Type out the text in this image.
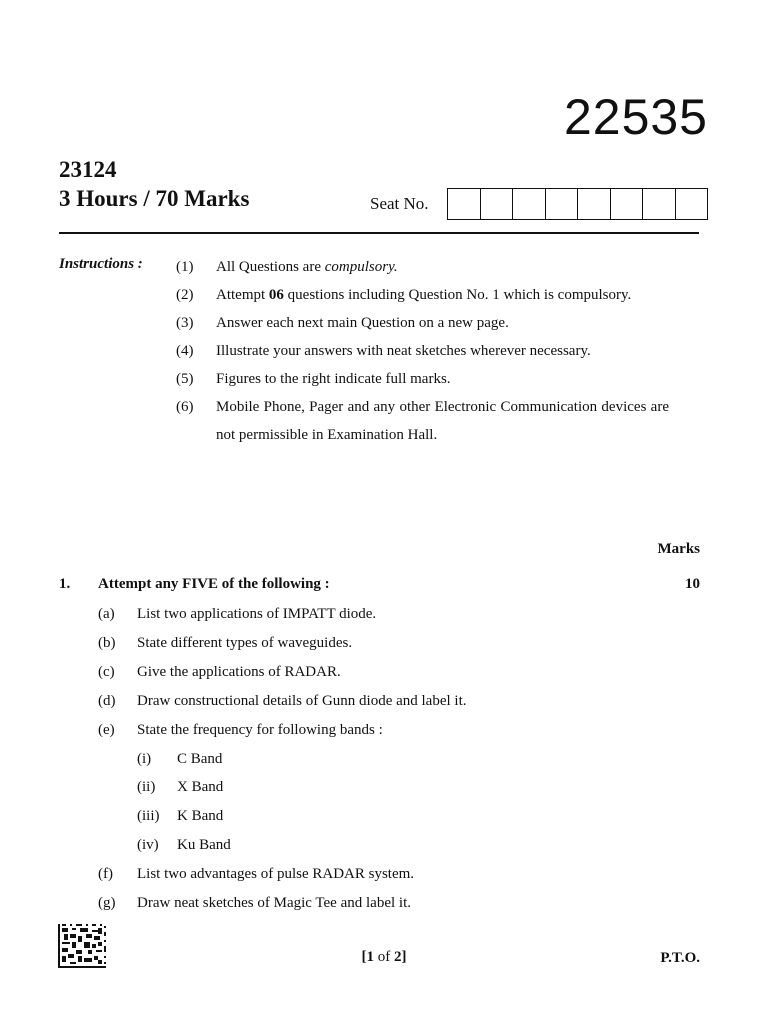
22535
23124
3 Hours / 70 Marks	Seat No.
Instructions : (1)	All Questions are compulsory.
(2)	Attempt 06 questions including Question No. 1 which is compulsory.
(3)	Answer each next main Question on a new page.
(4)	Illustrate your answers with neat sketches wherever necessary.
(5)	Figures to the right indicate full marks.
(6)	Mobile Phone, Pager and any other Electronic Communication devices are not permissible in Examination Hall.
Marks
1. Attempt any FIVE of the following :	10
(a)	List two applications of IMPATT diode.
(b)	State different types of waveguides.
(c)	Give the applications of RADAR.
(d)	Draw constructional details of Gunn diode and label it.
(e)	State the frequency for following bands :
(i)	C Band
(ii)	X Band
(iii)	K Band
(iv)	Ku Band
(f)	List two advantages of pulse RADAR system.
(g)	Draw neat sketches of Magic Tee and label it.
[1 of 2]	P.T.O.
